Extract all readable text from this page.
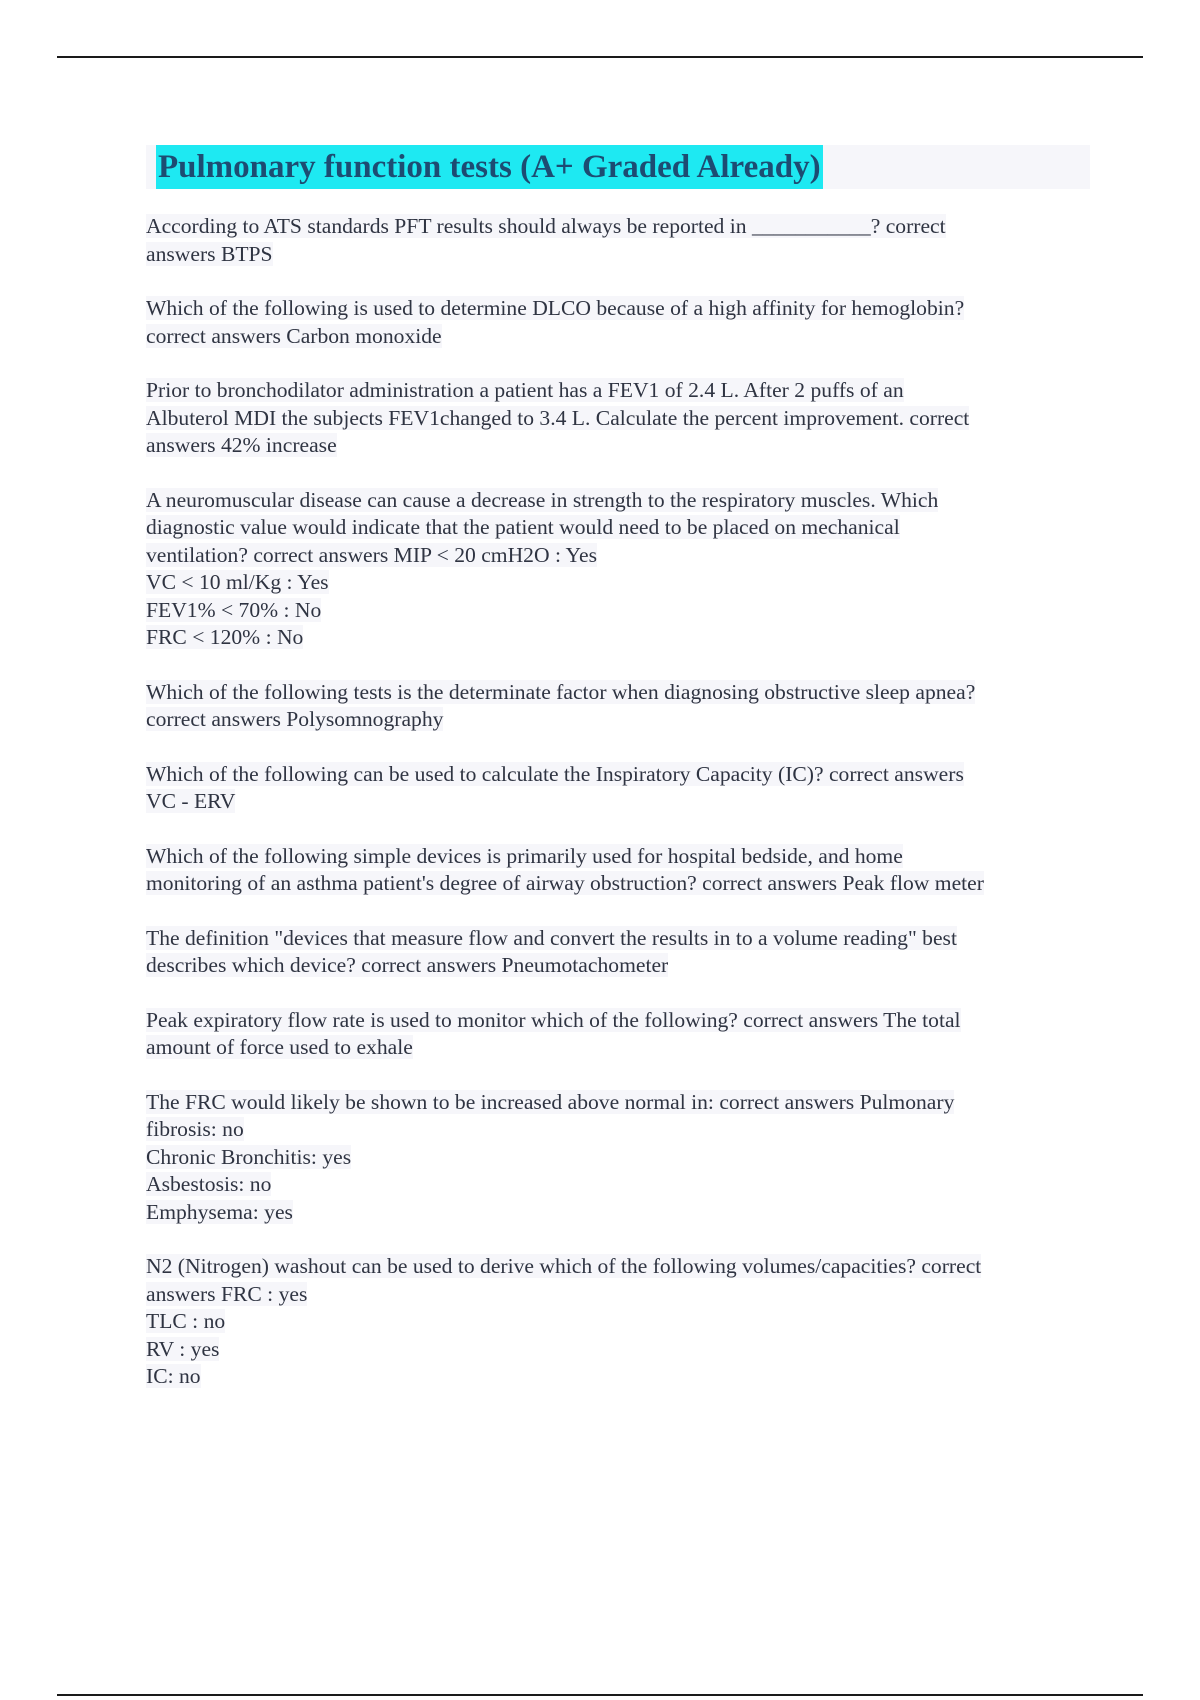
Pulmonary function tests (A+ Graded Already)
According to ATS standards PFT results should always be reported in ___________? correct
answers BTPS
Which of the following is used to determine DLCO because of a high affinity for hemoglobin?
correct answers Carbon monoxide
Prior to bronchodilator administration a patient has a FEV1 of 2.4 L. After 2 puffs of an
Albuterol MDI the subjects FEV1changed to 3.4 L. Calculate the percent improvement. correct
answers 42% increase
A neuromuscular disease can cause a decrease in strength to the respiratory muscles. Which
diagnostic value would indicate that the patient would need to be placed on mechanical
ventilation? correct answers MIP < 20 cmH2O : Yes
VC < 10 ml/Kg : Yes
FEV1% < 70% : No
FRC < 120% : No
Which of the following tests is the determinate factor when diagnosing obstructive sleep apnea?
correct answers Polysomnography
Which of the following can be used to calculate the Inspiratory Capacity (IC)? correct answers
VC - ERV
Which of the following simple devices is primarily used for hospital bedside, and home
monitoring of an asthma patient's degree of airway obstruction? correct answers Peak flow meter
The definition "devices that measure flow and convert the results in to a volume reading" best
describes which device? correct answers Pneumotachometer
Peak expiratory flow rate is used to monitor which of the following? correct answers The total
amount of force used to exhale
The FRC would likely be shown to be increased above normal in: correct answers Pulmonary
fibrosis: no
Chronic Bronchitis: yes
Asbestosis: no
Emphysema: yes
N2 (Nitrogen) washout can be used to derive which of the following volumes/capacities? correct
answers FRC : yes
TLC : no
RV : yes
IC: no
